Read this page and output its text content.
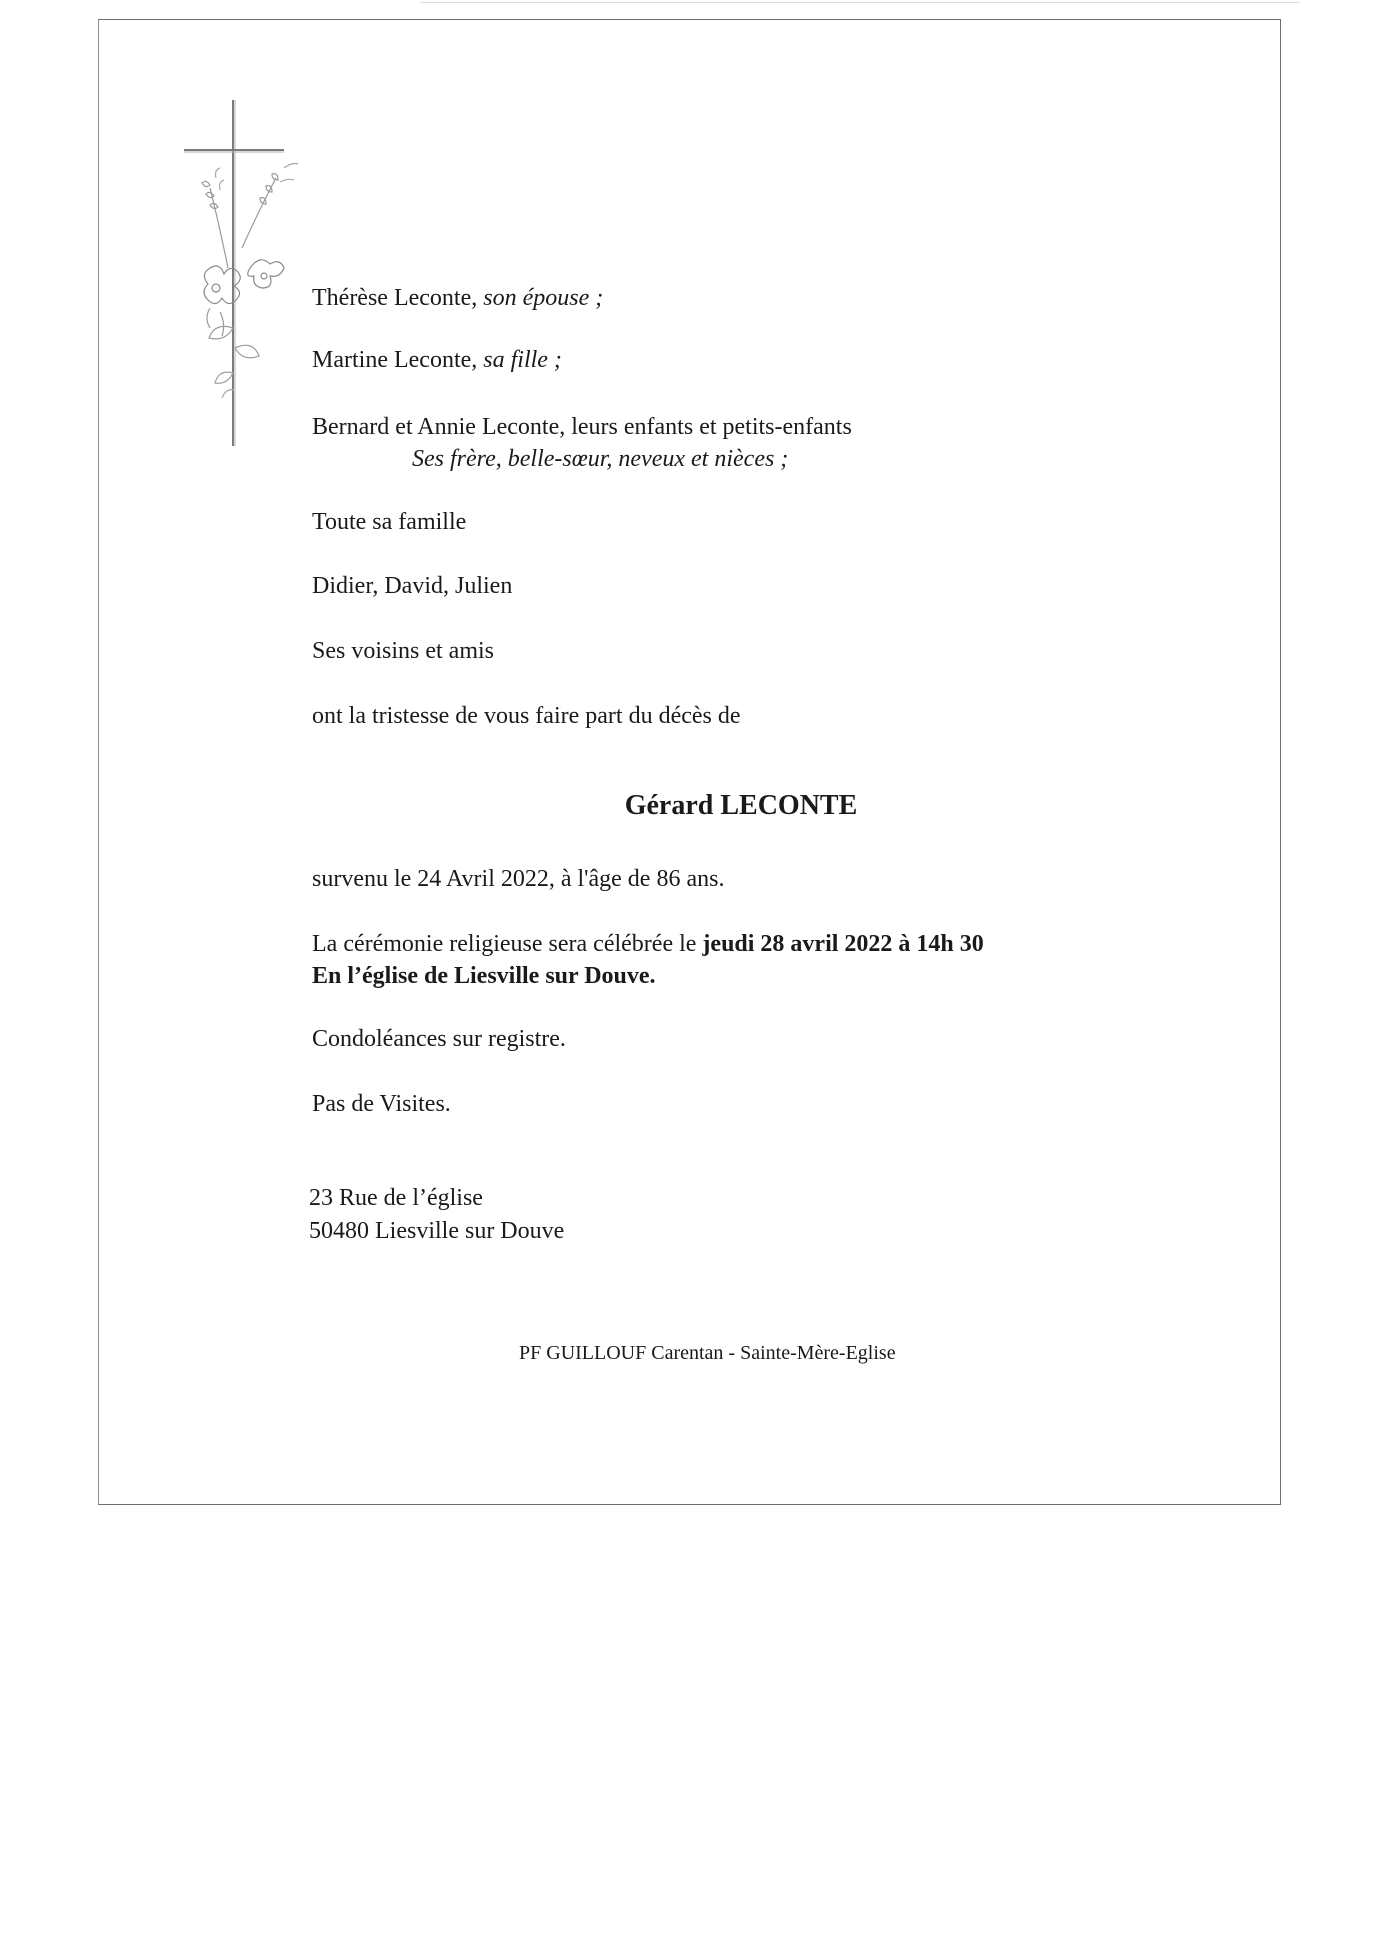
Thérèse Leconte, son épouse ;
Martine Leconte, sa fille ;
Bernard et Annie Leconte, leurs enfants et petits-enfants
Ses frère, belle-sœur, neveux et nièces ;
Toute sa famille
Didier, David, Julien
Ses voisins et amis
ont la tristesse de vous faire part du décès de
Gérard LECONTE
survenu le 24 Avril 2022, à l'âge de 86 ans.
La cérémonie religieuse sera célébrée le jeudi 28 avril 2022 à 14h 30
En l’église de Liesville sur Douve.
Condoléances sur registre.
Pas de Visites.
23 Rue de l’église
50480 Liesville sur Douve
PF GUILLOUF Carentan - Sainte-Mère-Eglise
